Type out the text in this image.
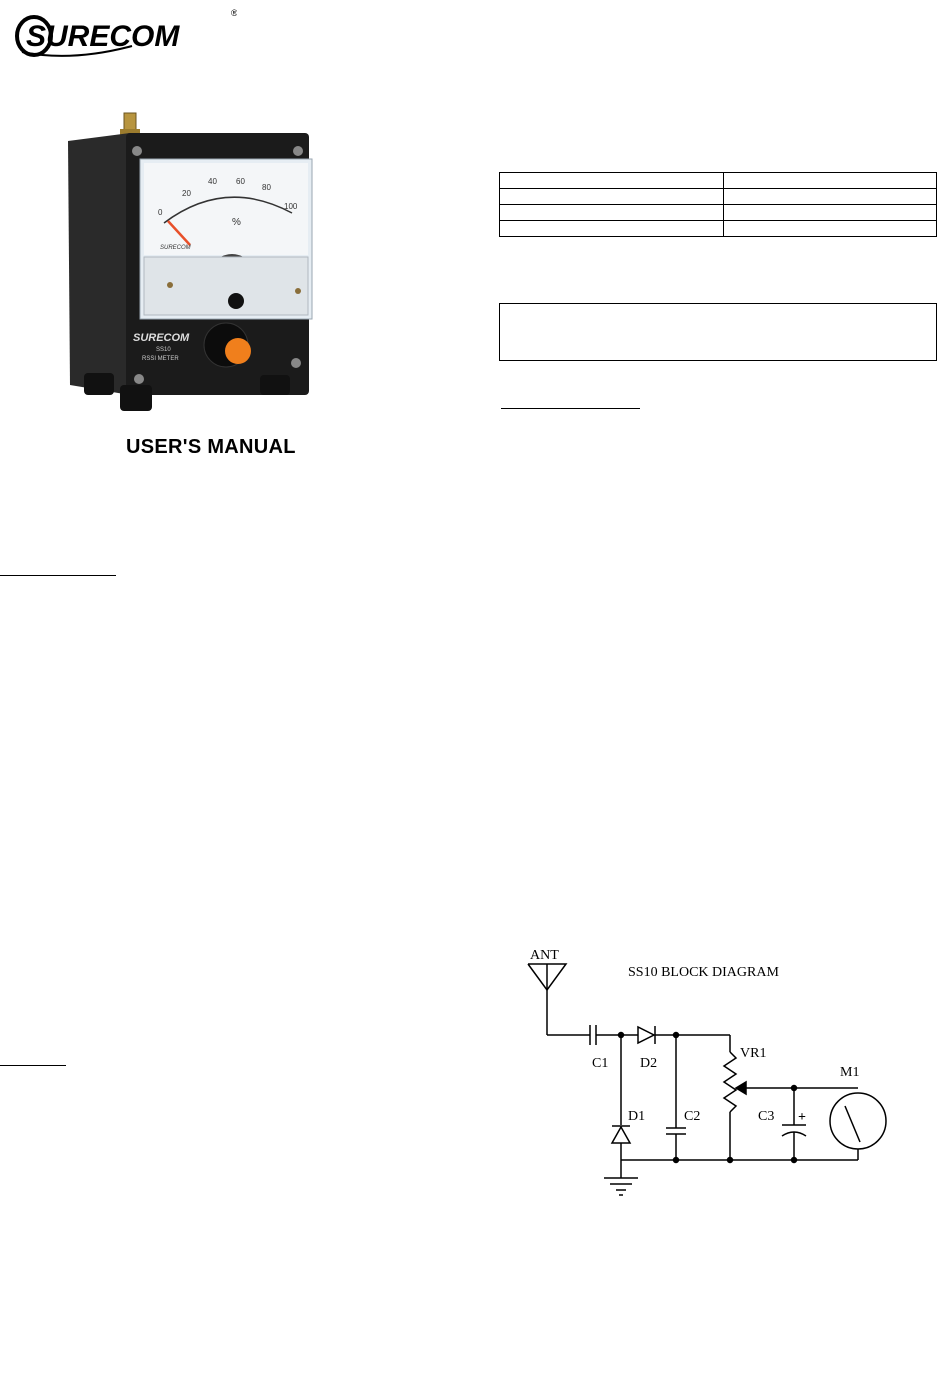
SURECOM
®
0
20
40 60
80
100
%
SURECOM
SURECOM
SS10
RSSI METER
USER'S MANUAL

SS10 BLOCK DIAGRAM
ANT
C1 D2
D1	C2
VR1
+
C3
M1
